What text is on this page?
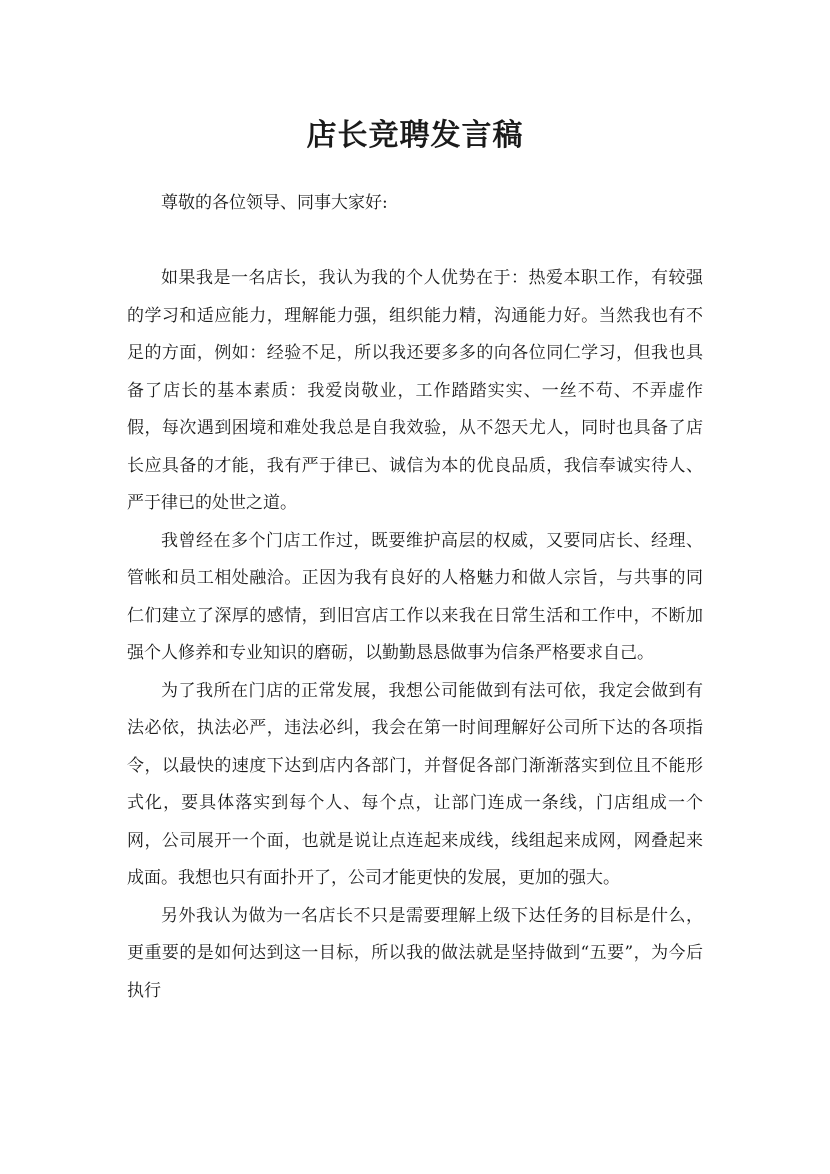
店长竞聘发言稿

尊敬的各位领导、同事大家好:

如果我是一名店长，我认为我的个人优势在于：热爱本职工作，有较强的学习和适应能力，理解能力强，组织能力精，沟通能力好。当然我也有不足的方面，例如：经验不足，所以我还要多多的向各位同仁学习，但我也具备了店长的基本素质：我爱岗敬业，工作踏踏实实、一丝不苟、不弄虚作假，每次遇到困境和难处我总是自我效验，从不怨天尤人，同时也具备了店长应具备的才能，我有严于律已、诚信为本的优良品质，我信奉诚实待人、严于律已的处世之道。

我曾经在多个门店工作过，既要维护高层的权威，又要同店长、经理、管帐和员工相处融洽。正因为我有良好的人格魅力和做人宗旨，与共事的同仁们建立了深厚的感情，到旧宫店工作以来我在日常生活和工作中，不断加强个人修养和专业知识的磨砺，以勤勤恳恳做事为信条严格要求自己。

为了我所在门店的正常发展，我想公司能做到有法可依，我定会做到有法必依，执法必严，违法必纠，我会在第一时间理解好公司所下达的各项指令，以最快的速度下达到店内各部门，并督促各部门渐渐落实到位且不能形式化，要具体落实到每个人、每个点，让部门连成一条线，门店组成一个网，公司展开一个面，也就是说让点连起来成线，线组起来成网，网叠起来成面。我想也只有面扑开了，公司才能更快的发展，更加的强大。

另外我认为做为一名店长不只是需要理解上级下达任务的目标是什么，更重要的是如何达到这一目标，所以我的做法就是坚持做到“五要”，为今后执行
